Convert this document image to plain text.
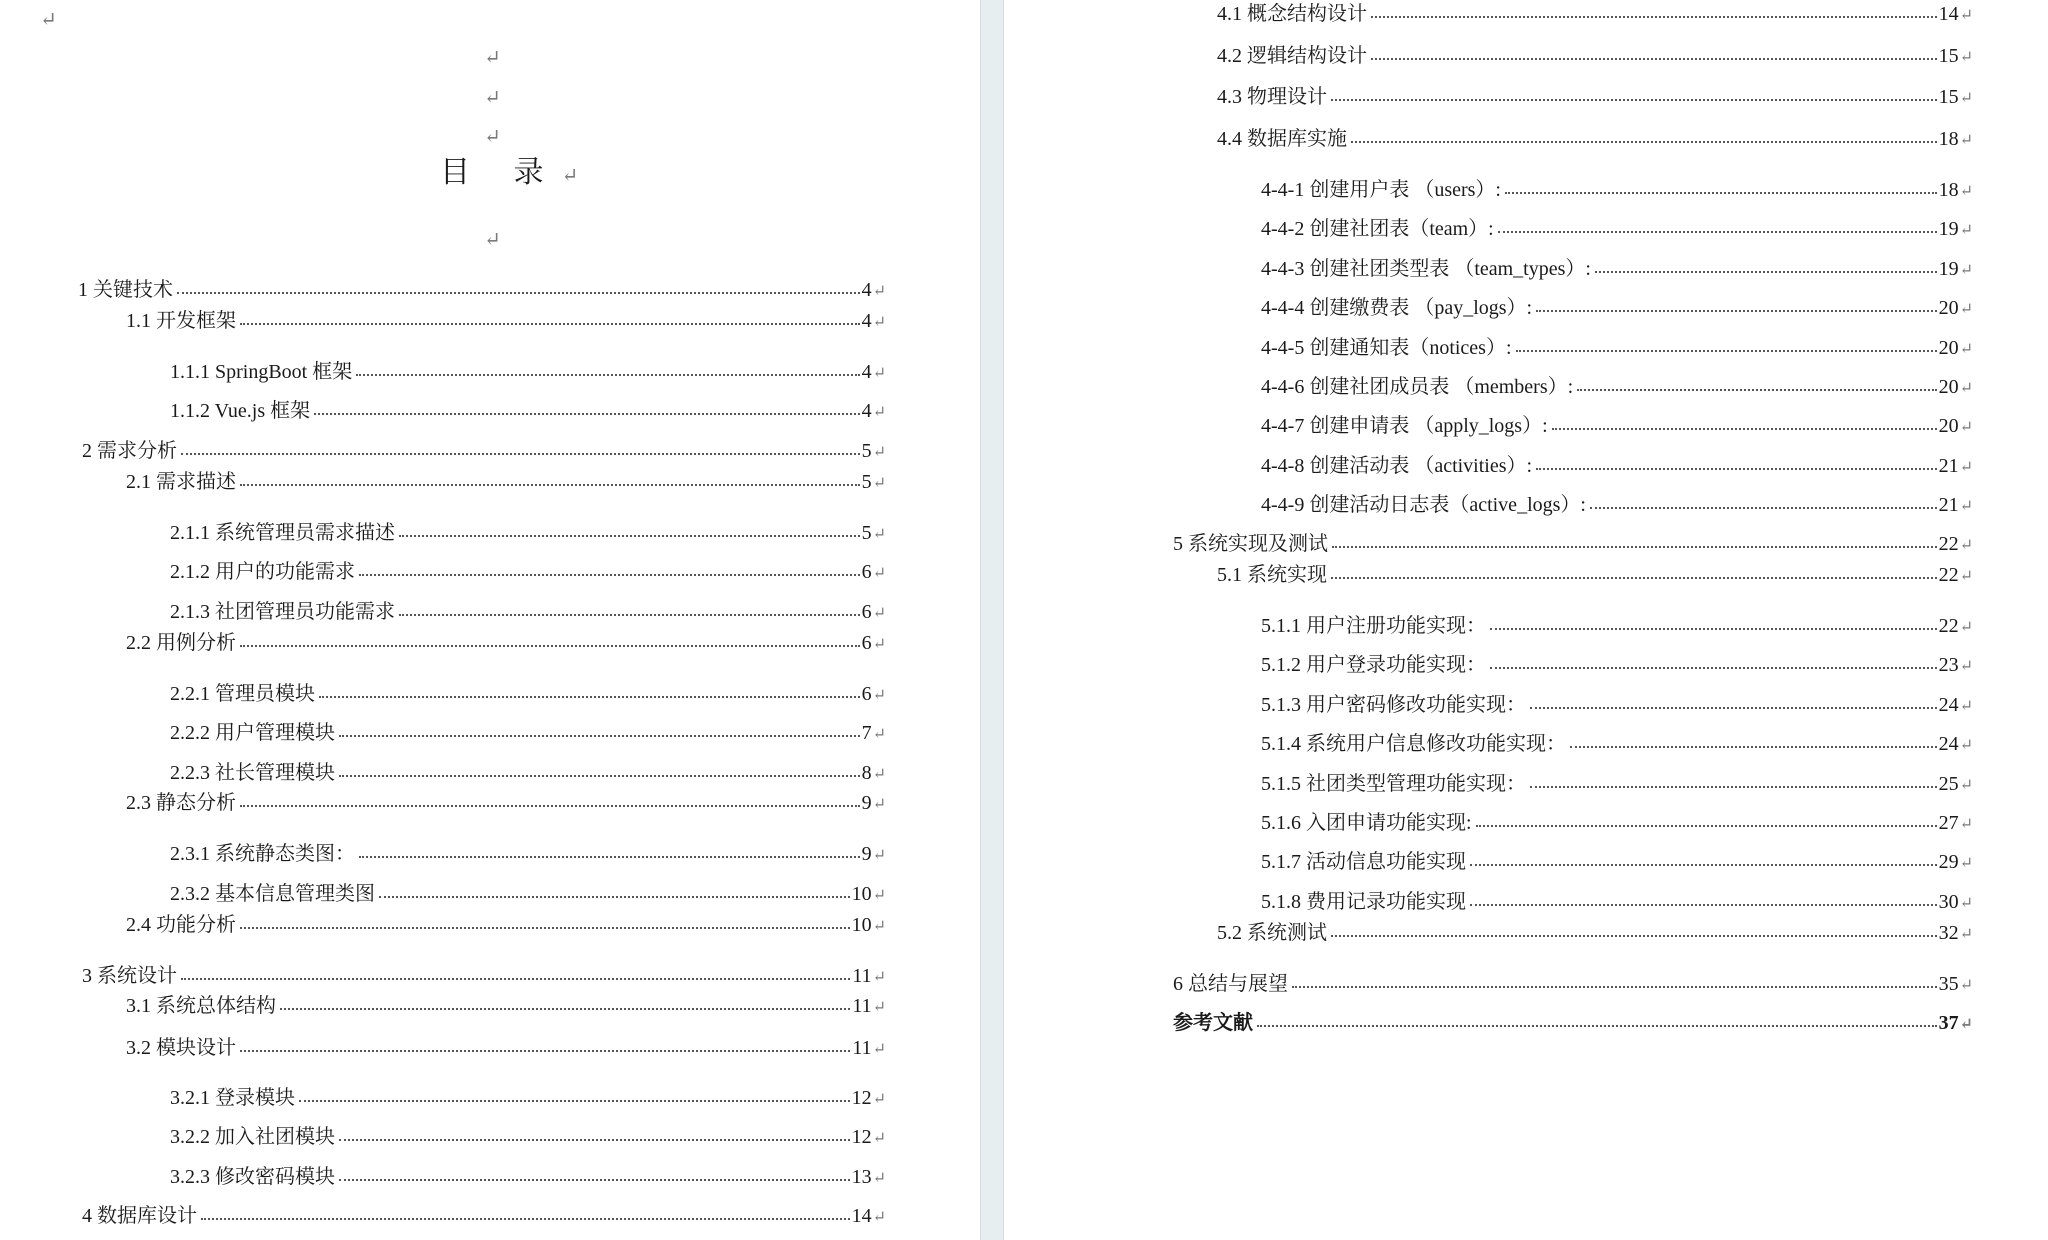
↵
↵
↵
↵
目 录↵
↵
1 关键技术	4 ↵
1.1 开发框架	4 ↵
1.1.1 SpringBoot 框架	4 ↵
1.1.2 Vue.js 框架	4 ↵
2 需求分析	5 ↵
2.1 需求描述	5 ↵
2.1.1 系统管理员需求描述	5 ↵
2.1.2 用户的功能需求	6 ↵
2.1.3 社团管理员功能需求	6 ↵
2.2 用例分析	6 ↵
2.2.1 管理员模块	6 ↵
2.2.2 用户管理模块	7 ↵
2.2.3 社长管理模块	8 ↵
2.3 静态分析	9 ↵
2.3.1 系统静态类图：	9 ↵
2.3.2 基本信息管理类图	10 ↵
2.4 功能分析	10 ↵
3 系统设计	11 ↵
3.1 系统总体结构	11 ↵
3.2 模块设计	11 ↵
3.2.1 登录模块	12 ↵
3.2.2 加入社团模块	12 ↵
3.2.3 修改密码模块	13 ↵
4 数据库设计	14 ↵
4.1 概念结构设计	14 ↵
4.2 逻辑结构设计	15 ↵
4.3 物理设计	15 ↵
4.4 数据库实施	18 ↵
4-4-1 创建用户表 （users）:	18 ↵
4-4-2 创建社团表（team）:	19 ↵
4-4-3 创建社团类型表 （team_types）:	19 ↵
4-4-4 创建缴费表 （pay_logs）:	20 ↵
4-4-5 创建通知表（notices）:	20 ↵
4-4-6 创建社团成员表 （members）:	20 ↵
4-4-7 创建申请表 （apply_logs）:	20 ↵
4-4-8 创建活动表 （activities）:	21 ↵
4-4-9 创建活动日志表（active_logs）:	21 ↵
5 系统实现及测试	22 ↵
5.1 系统实现	22 ↵
5.1.1 用户注册功能实现：	22 ↵
5.1.2 用户登录功能实现：	23 ↵
5.1.3 用户密码修改功能实现：	24 ↵
5.1.4 系统用户信息修改功能实现：	24 ↵
5.1.5 社团类型管理功能实现：	25 ↵
5.1.6 入团申请功能实现:	27 ↵
5.1.7 活动信息功能实现	29 ↵
5.1.8 费用记录功能实现	30 ↵
5.2 系统测试	32 ↵
6 总结与展望	35 ↵
参考文献	37 ↵
